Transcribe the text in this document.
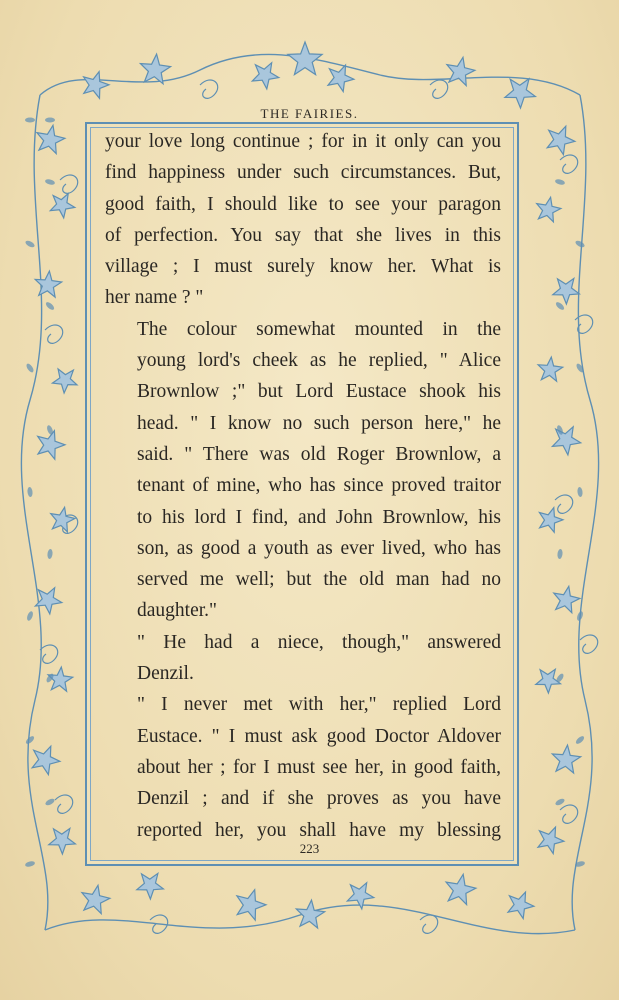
THE FAIRIES.

your love long continue ; for in it only can you
find happiness under such circumstances. But,
good faith, I should like to see your paragon
of perfection. You say that she lives in this
village ; I must surely know her. What is
her name ? "

The colour somewhat mounted in the
young lord's cheek as he replied, " Alice
Brownlow ;" but Lord Eustace shook his
head. " I know no such person here," he
said. " There was old Roger Brownlow, a
tenant of mine, who has since proved traitor
to his lord I find, and John Brownlow, his
son, as good a youth as ever lived, who has
served me well; but the old man had no
daughter."

" He had a niece, though," answered
Denzil.

" I never met with her," replied Lord
Eustace. " I must ask good Doctor Aldover
about her ; for I must see her, in good faith,
Denzil ; and if she proves as you have
reported her, you shall have my blessing

223
